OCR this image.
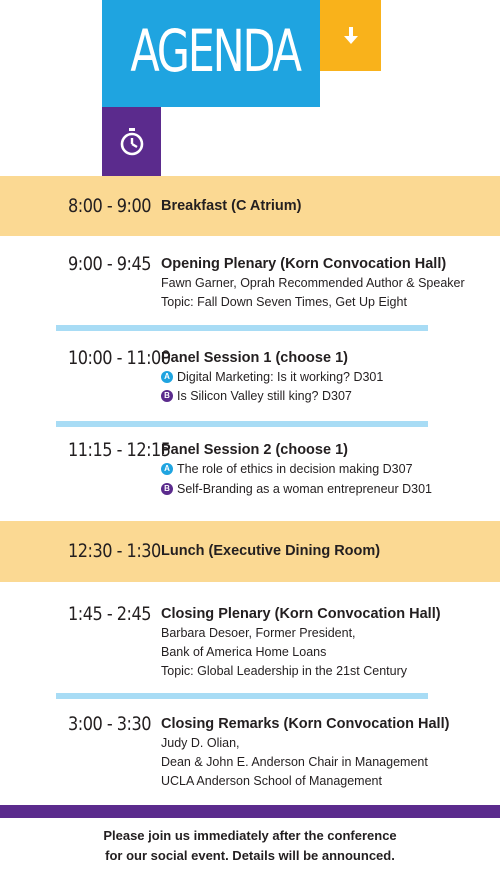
AGENDA
8:00 - 9:00 Breakfast (C Atrium)
9:00 - 9:45 Opening Plenary (Korn Convocation Hall)
Fawn Garner, Oprah Recommended Author & Speaker
Topic: Fall Down Seven Times, Get Up Eight
10:00 - 11:00
Panel Session 1 (choose 1)
A Digital Marketing: Is it working? D301
B Is Silicon Valley still king? D307
11:15 - 12:15
Panel Session 2 (choose 1)
A The role of ethics in decision making D307
B Self-Branding as a woman entrepreneur D301
12:30 - 1:30 Lunch (Executive Dining Room)
1:45 - 2:45 Closing Plenary (Korn Convocation Hall)
Barbara Desoer, Former President,
Bank of America Home Loans
Topic: Global Leadership in the 21st Century
3:00 - 3:30 Closing Remarks (Korn Convocation Hall)
Judy D. Olian,
Dean & John E. Anderson Chair in Management
UCLA Anderson School of Management
Please join us immediately after the conference
for our social event. Details will be announced.
